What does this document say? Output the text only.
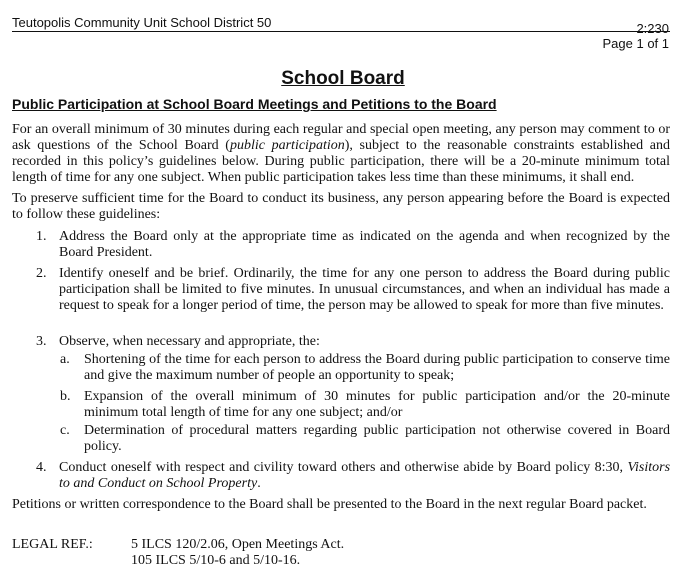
Teutopolis Community Unit School District 50	2:230
Page 1 of 1
School Board
Public Participation at School Board Meetings and Petitions to the Board
For an overall minimum of 30 minutes during each regular and special open meeting, any person may comment to or ask questions of the School Board (public participation), subject to the reasonable constraints established and recorded in this policy’s guidelines below. During public participation, there will be a 20-minute minimum total length of time for any one subject. When public participation takes less time than these minimums, it shall end.
To preserve sufficient time for the Board to conduct its business, any person appearing before the Board is expected to follow these guidelines:
1. Address the Board only at the appropriate time as indicated on the agenda and when recognized by the Board President.
2. Identify oneself and be brief. Ordinarily, the time for any one person to address the Board during public participation shall be limited to five minutes. In unusual circumstances, and when an individual has made a request to speak for a longer period of time, the person may be allowed to speak for more than five minutes.
3. Observe, when necessary and appropriate, the:
a. Shortening of the time for each person to address the Board during public participation to conserve time and give the maximum number of people an opportunity to speak;
b. Expansion of the overall minimum of 30 minutes for public participation and/or the 20-minute minimum total length of time for any one subject; and/or
c. Determination of procedural matters regarding public participation not otherwise covered in Board policy.
4. Conduct oneself with respect and civility toward others and otherwise abide by Board policy 8:30, Visitors to and Conduct on School Property.
Petitions or written correspondence to the Board shall be presented to the Board in the next regular Board packet.
LEGAL REF.:	5 ILCS 120/2.06, Open Meetings Act.
105 ILCS 5/10-6 and 5/10-16.
